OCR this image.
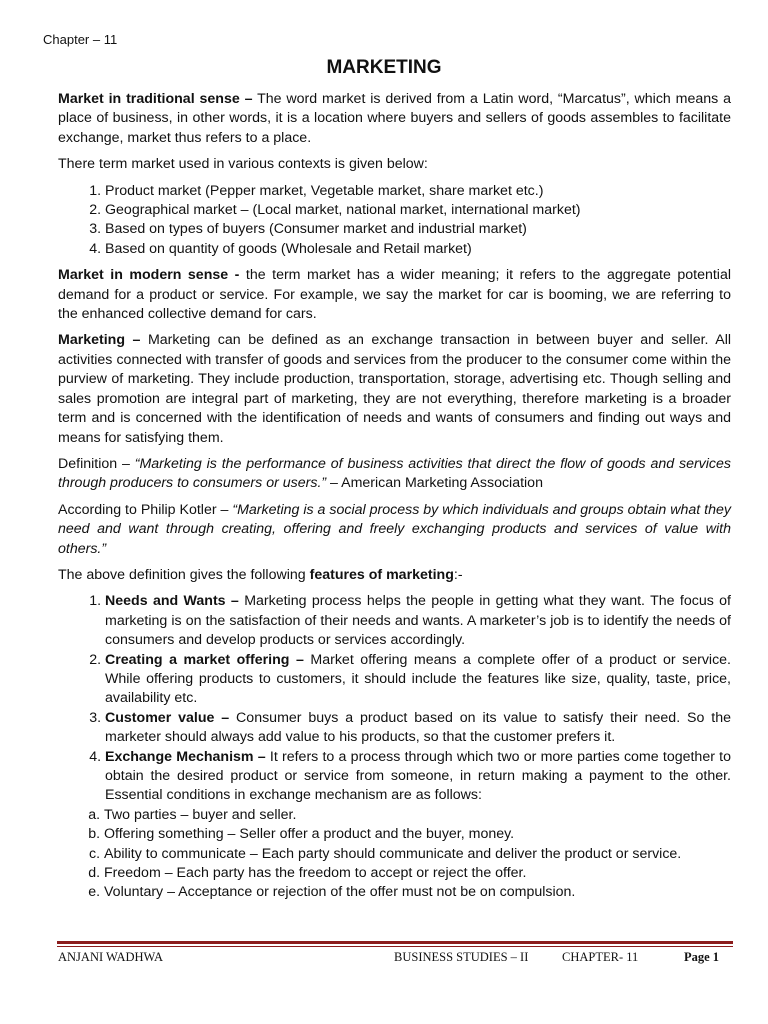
Chapter – 11
MARKETING

Market in traditional sense – The word market is derived from a Latin word, “Marcatus”, which means a place of business, in other words, it is a location where buyers and sellers of goods assembles to facilitate exchange, market thus refers to a place.

There term market used in various contexts is given below:

1. Product market (Pepper market, Vegetable market, share market etc.)
2. Geographical market – (Local market, national market, international market)
3. Based on types of buyers (Consumer market and industrial market)
4. Based on quantity of goods (Wholesale and Retail market)

Market in modern sense - the term market has a wider meaning; it refers to the aggregate potential demand for a product or service. For example, we say the market for car is booming, we are referring to the enhanced collective demand for cars.

Marketing – Marketing can be defined as an exchange transaction in between buyer and seller. All activities connected with transfer of goods and services from the producer to the consumer come within the purview of marketing. They include production, transportation, storage, advertising etc. Though selling and sales promotion are integral part of marketing, they are not everything, therefore marketing is a broader term and is concerned with the identification of needs and wants of consumers and finding out ways and means for satisfying them.

Definition – “Marketing is the performance of business activities that direct the flow of goods and services through producers to consumers or users.” – American Marketing Association

According to Philip Kotler – “Marketing is a social process by which individuals and groups obtain what they need and want through creating, offering and freely exchanging products and services of value with others.”

The above definition gives the following features of marketing:-

1. Needs and Wants – Marketing process helps the people in getting what they want. The focus of marketing is on the satisfaction of their needs and wants. A marketer’s job is to identify the needs of consumers and develop products or services accordingly.
2. Creating a market offering – Market offering means a complete offer of a product or service. While offering products to customers, it should include the features like size, quality, taste, price, availability etc.
3. Customer value – Consumer buys a product based on its value to satisfy their need. So the marketer should always add value to his products, so that the customer prefers it.
4. Exchange Mechanism – It refers to a process through which two or more parties come together to obtain the desired product or service from someone, in return making a payment to the other. Essential conditions in exchange mechanism are as follows:
a. Two parties – buyer and seller.
b. Offering something – Seller offer a product and the buyer, money.
c. Ability to communicate – Each party should communicate and deliver the product or service.
d. Freedom – Each party has the freedom to accept or reject the offer.
e. Voluntary – Acceptance or rejection of the offer must not be on compulsion.
ANJANI WADHWA	BUSINESS STUDIES – II	CHAPTER- 11	Page 1
